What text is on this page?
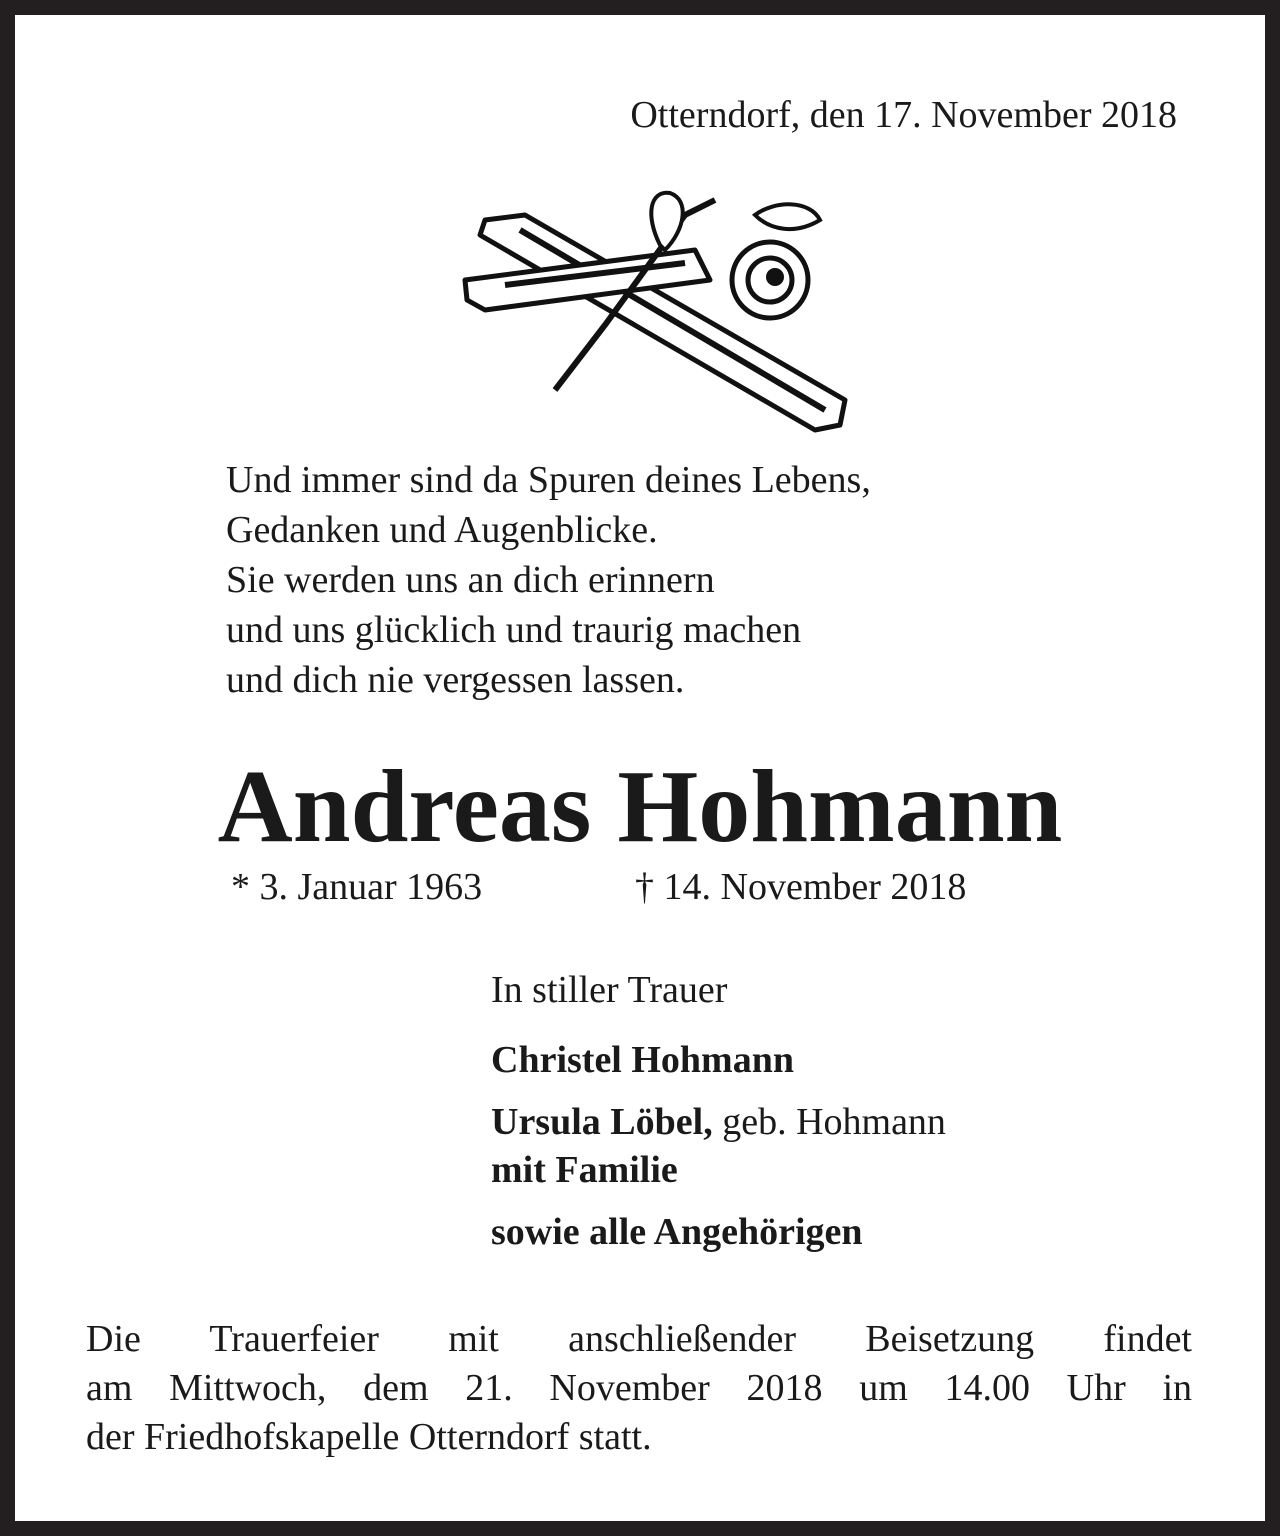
Otterndorf, den 17. November 2018
Und immer sind da Spuren deines Lebens,
Gedanken und Augenblicke.
Sie werden uns an dich erinnern
und uns glücklich und traurig machen
und dich nie vergessen lassen.
Andreas Hohmann
* 3. Januar 1963	† 14. November 2018
In stiller Trauer
Christel Hohmann
Ursula Löbel, geb. Hohmann
mit Familie
sowie alle Angehörigen
Die Trauerfeier mit anschließender Beisetzung findet
am Mittwoch, dem 21. November 2018 um 14.00 Uhr in
der Friedhofskapelle Otterndorf statt.
